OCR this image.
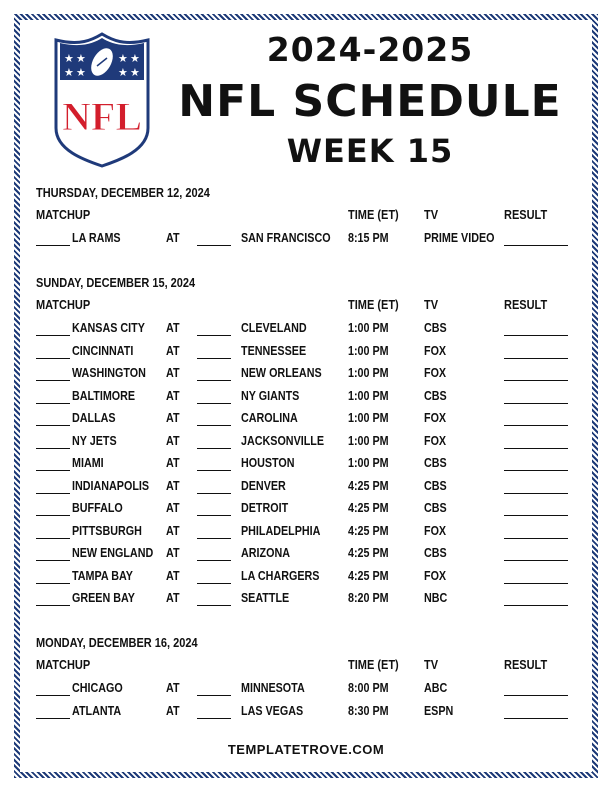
★ ★
★ ★
★ ★
★ ★
NFL
2024-2025
NFL SCHEDULE
WEEK 15
THURSDAY, DECEMBER 12, 2024
MATCHUP	TIME (ET) TV	RESULT
LA RAMS	AT	SAN FRANCISCO 8:15 PM	PRIME VIDEO
SUNDAY, DECEMBER 15, 2024
MATCHUP	TIME (ET) TV	RESULT
KANSAS CITY AT	CLEVELAND	1:00 PM	CBS
CINCINNATI	AT	TENNESSEE	1:00 PM	FOX
WASHINGTON AT	NEW ORLEANS 1:00 PM	FOX
BALTIMORE AT	NY GIANTS	1:00 PM	CBS
DALLAS	AT	CAROLINA	1:00 PM	FOX
NY JETS	AT	JACKSONVILLE 1:00 PM	FOX
MIAMI	AT	HOUSTON	1:00 PM	CBS
INDIANAPOLIS AT	DENVER	4:25 PM	CBS
BUFFALO	AT	DETROIT	4:25 PM	CBS
PITTSBURGH AT	PHILADELPHIA 4:25 PM	FOX
NEW ENGLAND AT	ARIZONA	4:25 PM	CBS
TAMPA BAY	AT	LA CHARGERS 4:25 PM	FOX
GREEN BAY AT	SEATTLE	8:20 PM	NBC
MONDAY, DECEMBER 16, 2024
MATCHUP	TIME (ET) TV	RESULT
CHICAGO	AT	MINNESOTA	8:00 PM	ABC
ATLANTA	AT	LAS VEGAS	8:30 PM	ESPN
TEMPLATETROVE.COM
